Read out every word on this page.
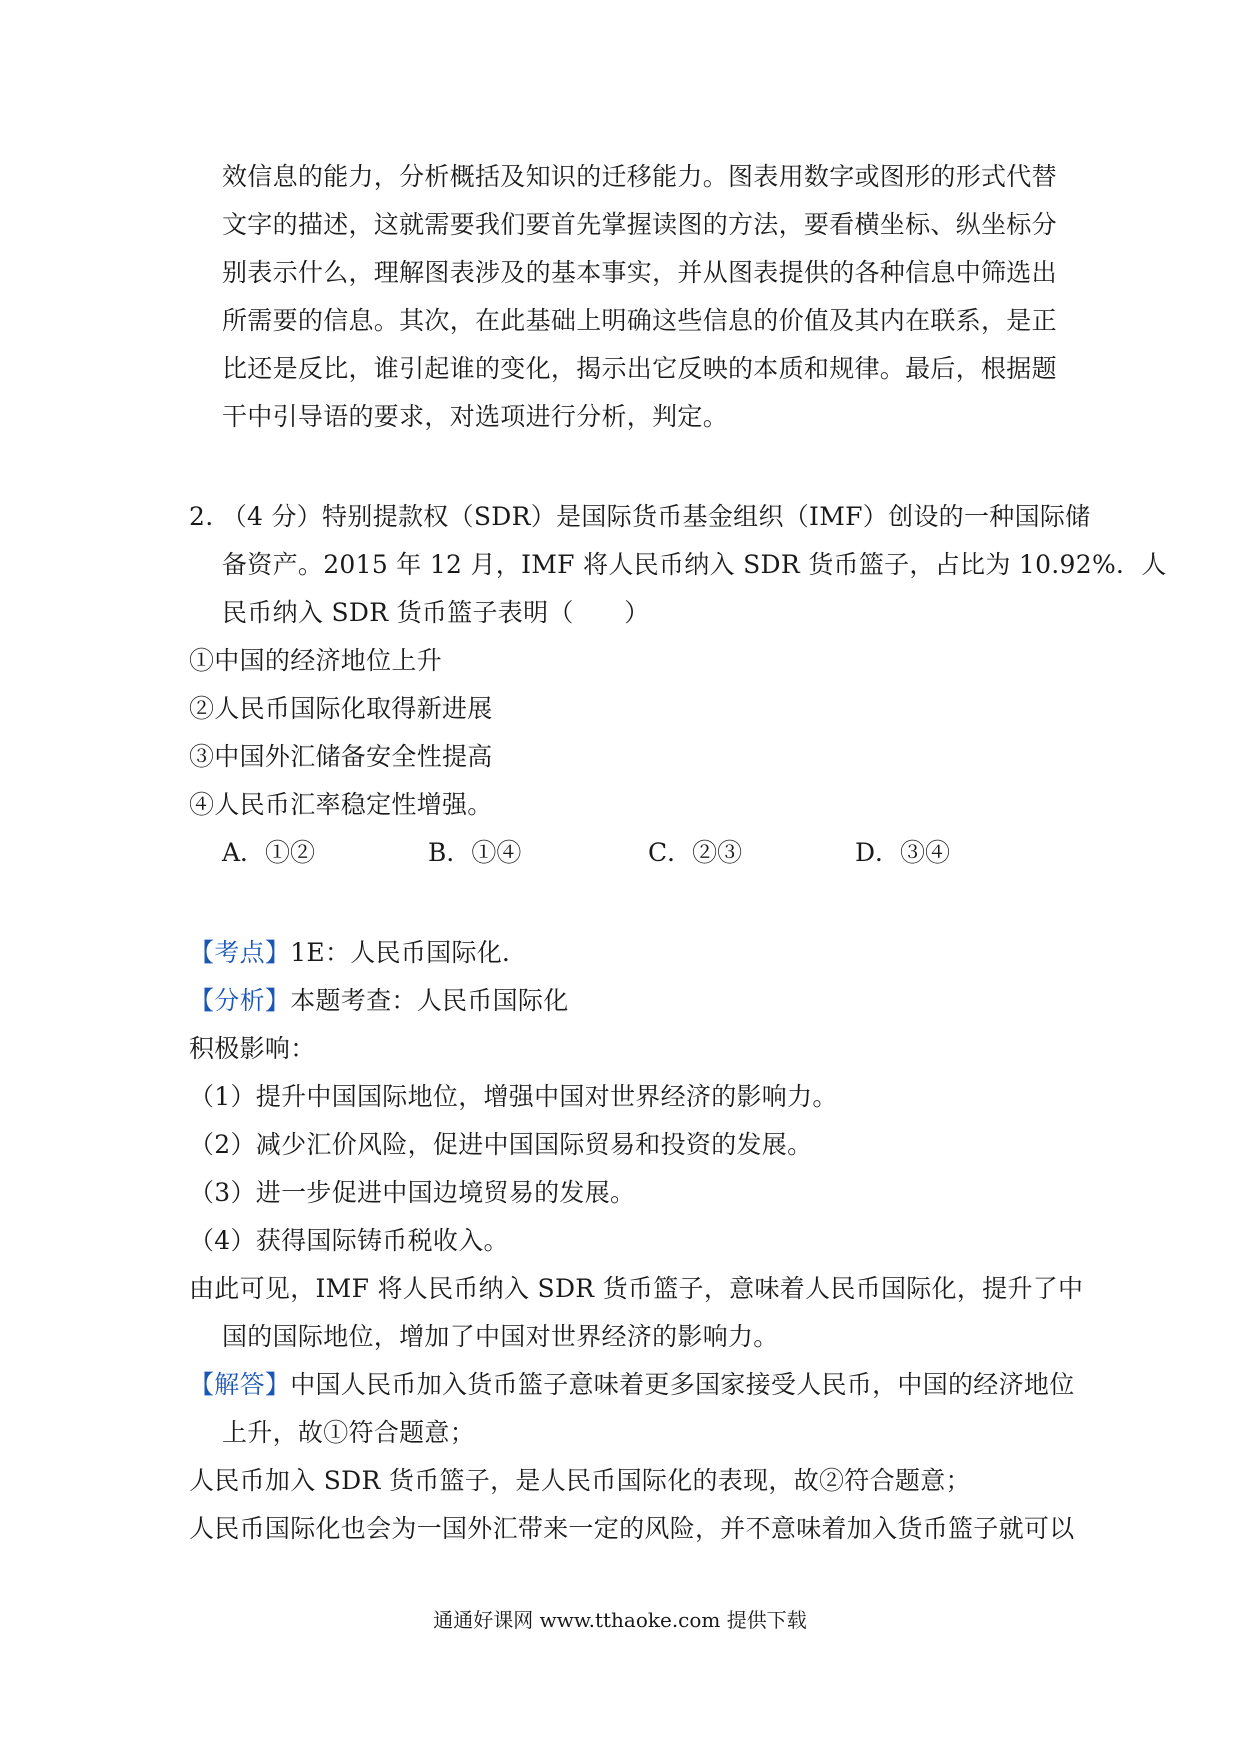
效信息的能力，分析概括及知识的迁移能力。图表用数字或图形的形式代替
文字的描述，这就需要我们要首先掌握读图的方法，要看横坐标、纵坐标分
别表示什么，理解图表涉及的基本事实，并从图表提供的各种信息中筛选出
所需要的信息。其次，在此基础上明确这些信息的价值及其内在联系，是正
比还是反比，谁引起谁的变化，揭示出它反映的本质和规律。最后，根据题
干中引导语的要求，对选项进行分析，判定。
2. （4 分）特别提款权（SDR）是国际货币基金组织（IMF）创设的一种国际储
备资产。2015 年 12 月，IMF 将人民币纳入 SDR 货币篮子，占比为 10.92%．人
民币纳入 SDR 货币篮子表明（　　）
①中国的经济地位上升
②人民币国际化取得新进展
③中国外汇储备安全性提高
④人民币汇率稳定性增强。
A．①②	B．①④	C．②③	D．③④
【考点】1E：人民币国际化．
【分析】本题考查：人民币国际化
积极影响：
（1）提升中国国际地位，增强中国对世界经济的影响力。
（2）减少汇价风险，促进中国国际贸易和投资的发展。
（3）进一步促进中国边境贸易的发展。
（4）获得国际铸币税收入。
由此可见，IMF 将人民币纳入 SDR 货币篮子，意味着人民币国际化，提升了中
国的国际地位，增加了中国对世界经济的影响力。
【解答】中国人民币加入货币篮子意味着更多国家接受人民币，中国的经济地位
上升，故①符合题意；
人民币加入 SDR 货币篮子，是人民币国际化的表现，故②符合题意；
人民币国际化也会为一国外汇带来一定的风险，并不意味着加入货币篮子就可以
通通好课网 www.tthaoke.com 提供下载
